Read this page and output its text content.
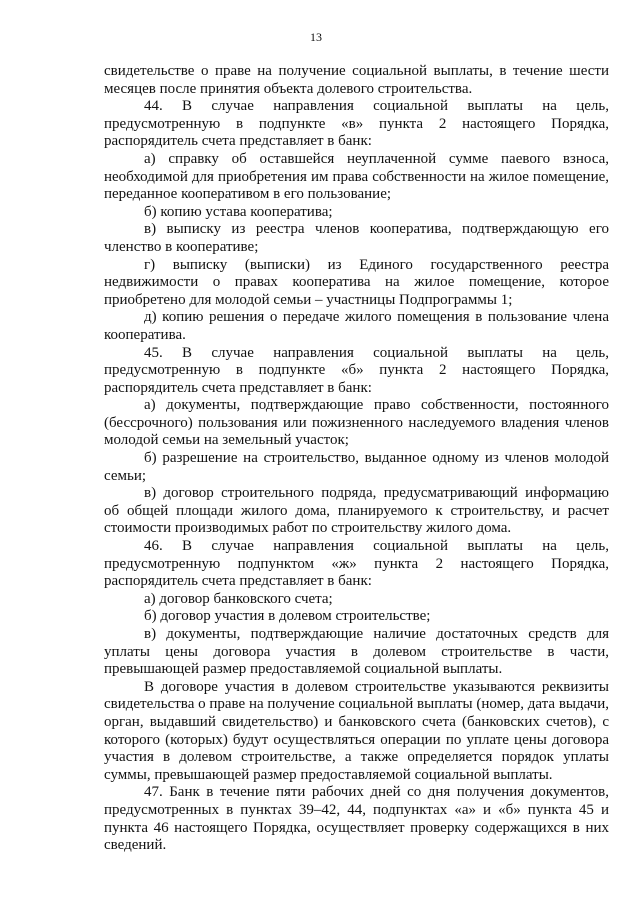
13

свидетельстве о праве на получение социальной выплаты, в течение шести месяцев после принятия объекта долевого строительства.

44. В случае направления социальной выплаты на цель, предусмотренную в подпункте «в» пункта 2 настоящего Порядка, распорядитель счета представляет в банк:

а) справку об оставшейся неуплаченной сумме паевого взноса, необходимой для приобретения им права собственности на жилое помещение, переданное кооперативом в его пользование;

б) копию устава кооператива;

в) выписку из реестра членов кооператива, подтверждающую его членство в кооперативе;

г) выписку (выписки) из Единого государственного реестра недвижимости о правах кооператива на жилое помещение, которое приобретено для молодой семьи – участницы Подпрограммы 1;

д) копию решения о передаче жилого помещения в пользование члена кооператива.

45. В случае направления социальной выплаты на цель, предусмотренную в подпункте «б» пункта 2 настоящего Порядка, распорядитель счета представляет в банк:

а) документы, подтверждающие право собственности, постоянного (бессрочного) пользования или пожизненного наследуемого владения членов молодой семьи на земельный участок;

б) разрешение на строительство, выданное одному из членов молодой семьи;

в) договор строительного подряда, предусматривающий информацию об общей площади жилого дома, планируемого к строительству, и расчет стоимости производимых работ по строительству жилого дома.

46. В случае направления социальной выплаты на цель, предусмотренную подпунктом «ж» пункта 2 настоящего Порядка, распорядитель счета представляет в банк:

а) договор банковского счета;

б) договор участия в долевом строительстве;

в) документы, подтверждающие наличие достаточных средств для уплаты цены договора участия в долевом строительстве в части, превышающей размер предоставляемой социальной выплаты.

В договоре участия в долевом строительстве указываются реквизиты свидетельства о праве на получение социальной выплаты (номер, дата выдачи, орган, выдавший свидетельство) и банковского счета (банковских счетов), с которого (которых) будут осуществляться операции по уплате цены договора участия в долевом строительстве, а также определяется порядок уплаты суммы, превышающей размер предоставляемой социальной выплаты.

47. Банк в течение пяти рабочих дней со дня получения документов, предусмотренных в пунктах 39–42, 44, подпунктах «а» и «б» пункта 45 и пункта 46 настоящего Порядка, осуществляет проверку содержащихся в них сведений.
